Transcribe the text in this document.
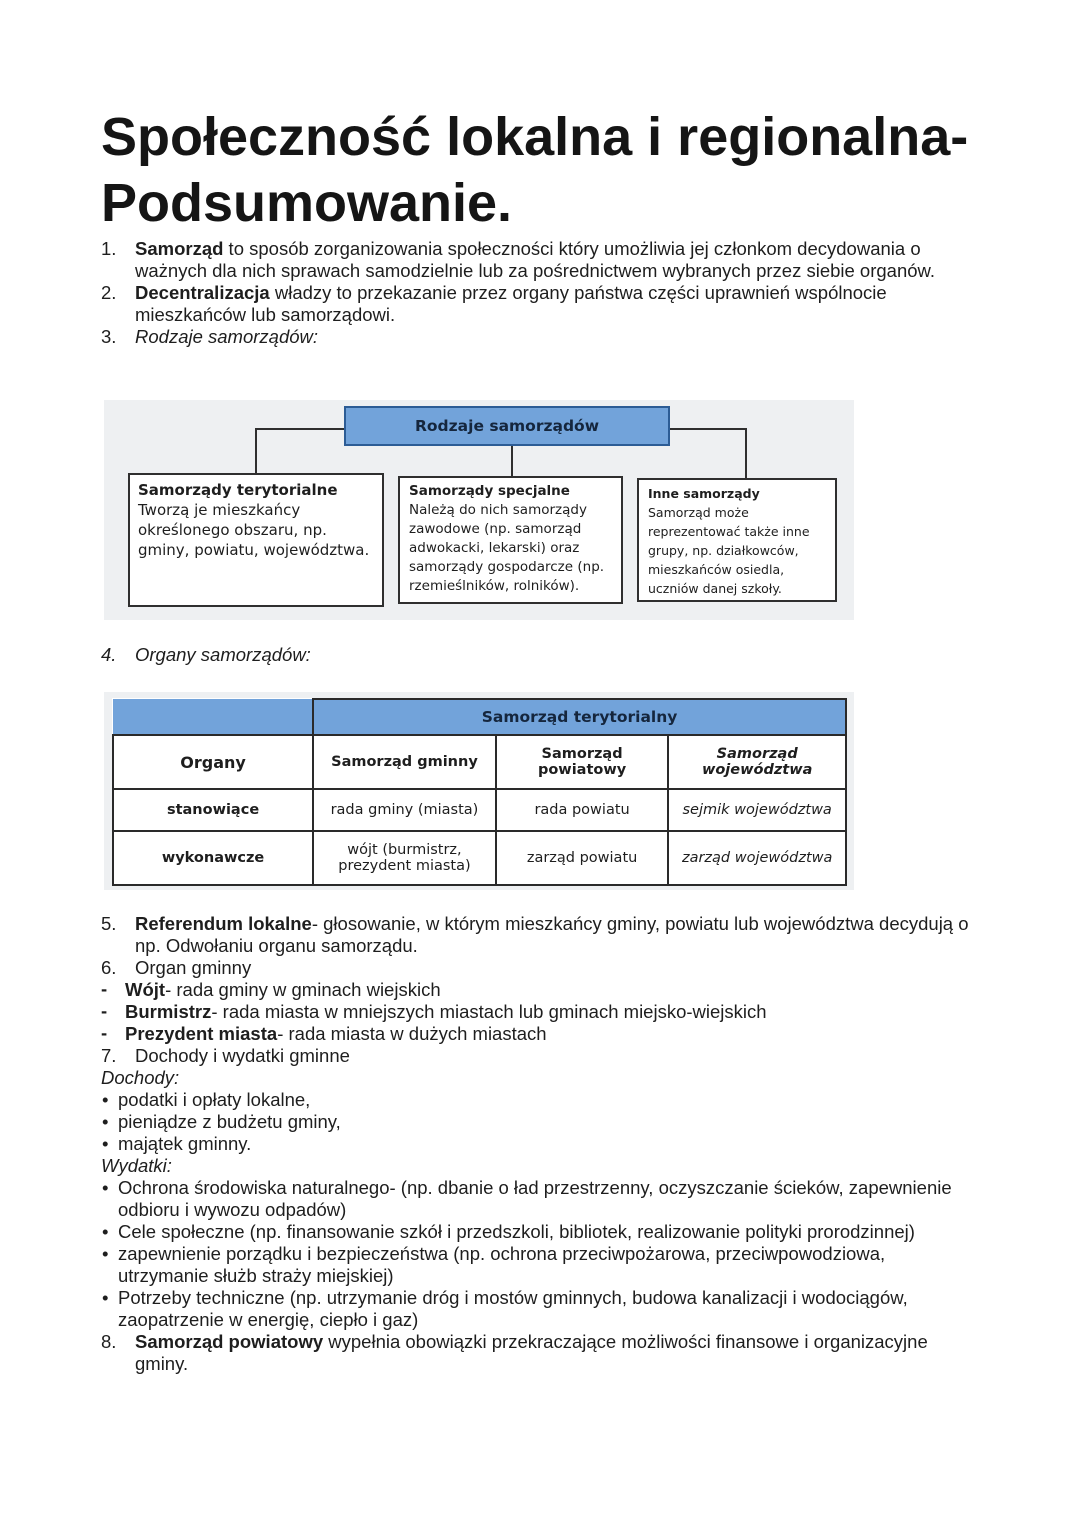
Społeczność lokalna i regionalna- Podsumowanie.
1. Samorząd to sposób zorganizowania społeczności który umożliwia jej członkom decydowania o ważnych dla nich sprawach samodzielnie lub za pośrednictwem wybranych przez siebie organów.
2. Decentralizacja władzy to przekazanie przez organy państwa części uprawnień wspólnocie mieszkańców lub samorządowi.
3. Rodzaje samorządów:
Rodzaje samorządów
Samorządy terytorialne
Tworzą je mieszkańcy określonego obszaru, np. gminy, powiatu, województwa.
Samorządy specjalne
Należą do nich samorządy zawodowe (np. samorząd adwokacki, lekarski) oraz samorządy gospodarcze (np. rzemieślników, rolników).
Inne samorządy
Samorząd może reprezentować także inne grupy, np. działkowców, mieszkańców osiedla, uczniów danej szkoły.
4. Organy samorządów:
	Samorząd terytorialny		
Organy	Samorząd gminny	Samorząd powiatowy	Samorząd województwa
stanowiące	rada gminy (miasta)	rada powiatu	sejmik województwa
wykonawcze	wójt (burmistrz, prezydent miasta)	zarząd powiatu	zarząd województwa
5. Referendum lokalne- głosowanie, w którym mieszkańcy gminy, powiatu lub województwa decydują o np. Odwołaniu organu samorządu.
6. Organ gminny
- Wójt- rada gminy w gminach wiejskich
- Burmistrz- rada miasta w mniejszych miastach lub gminach miejsko-wiejskich
- Prezydent miasta- rada miasta w dużych miastach
7. Dochody i wydatki gminne
Dochody:
• podatki i opłaty lokalne,
• pieniądze z budżetu gminy,
• majątek gminny.
Wydatki:
• Ochrona środowiska naturalnego- (np. dbanie o ład przestrzenny, oczyszczanie ścieków, zapewnienie odbioru i wywozu odpadów)
• Cele społeczne (np. finansowanie szkół i przedszkoli, bibliotek, realizowanie polityki prorodzinnej)
• zapewnienie porządku i bezpieczeństwa (np. ochrona przeciwpożarowa, przeciwpowodziowa, utrzymanie służb straży miejskiej)
• Potrzeby techniczne (np. utrzymanie dróg i mostów gminnych, budowa kanalizacji i wodociągów, zaopatrzenie w energię, ciepło i gaz)
8. Samorząd powiatowy wypełnia obowiązki przekraczające możliwości finansowe i organizacyjne gminy.
